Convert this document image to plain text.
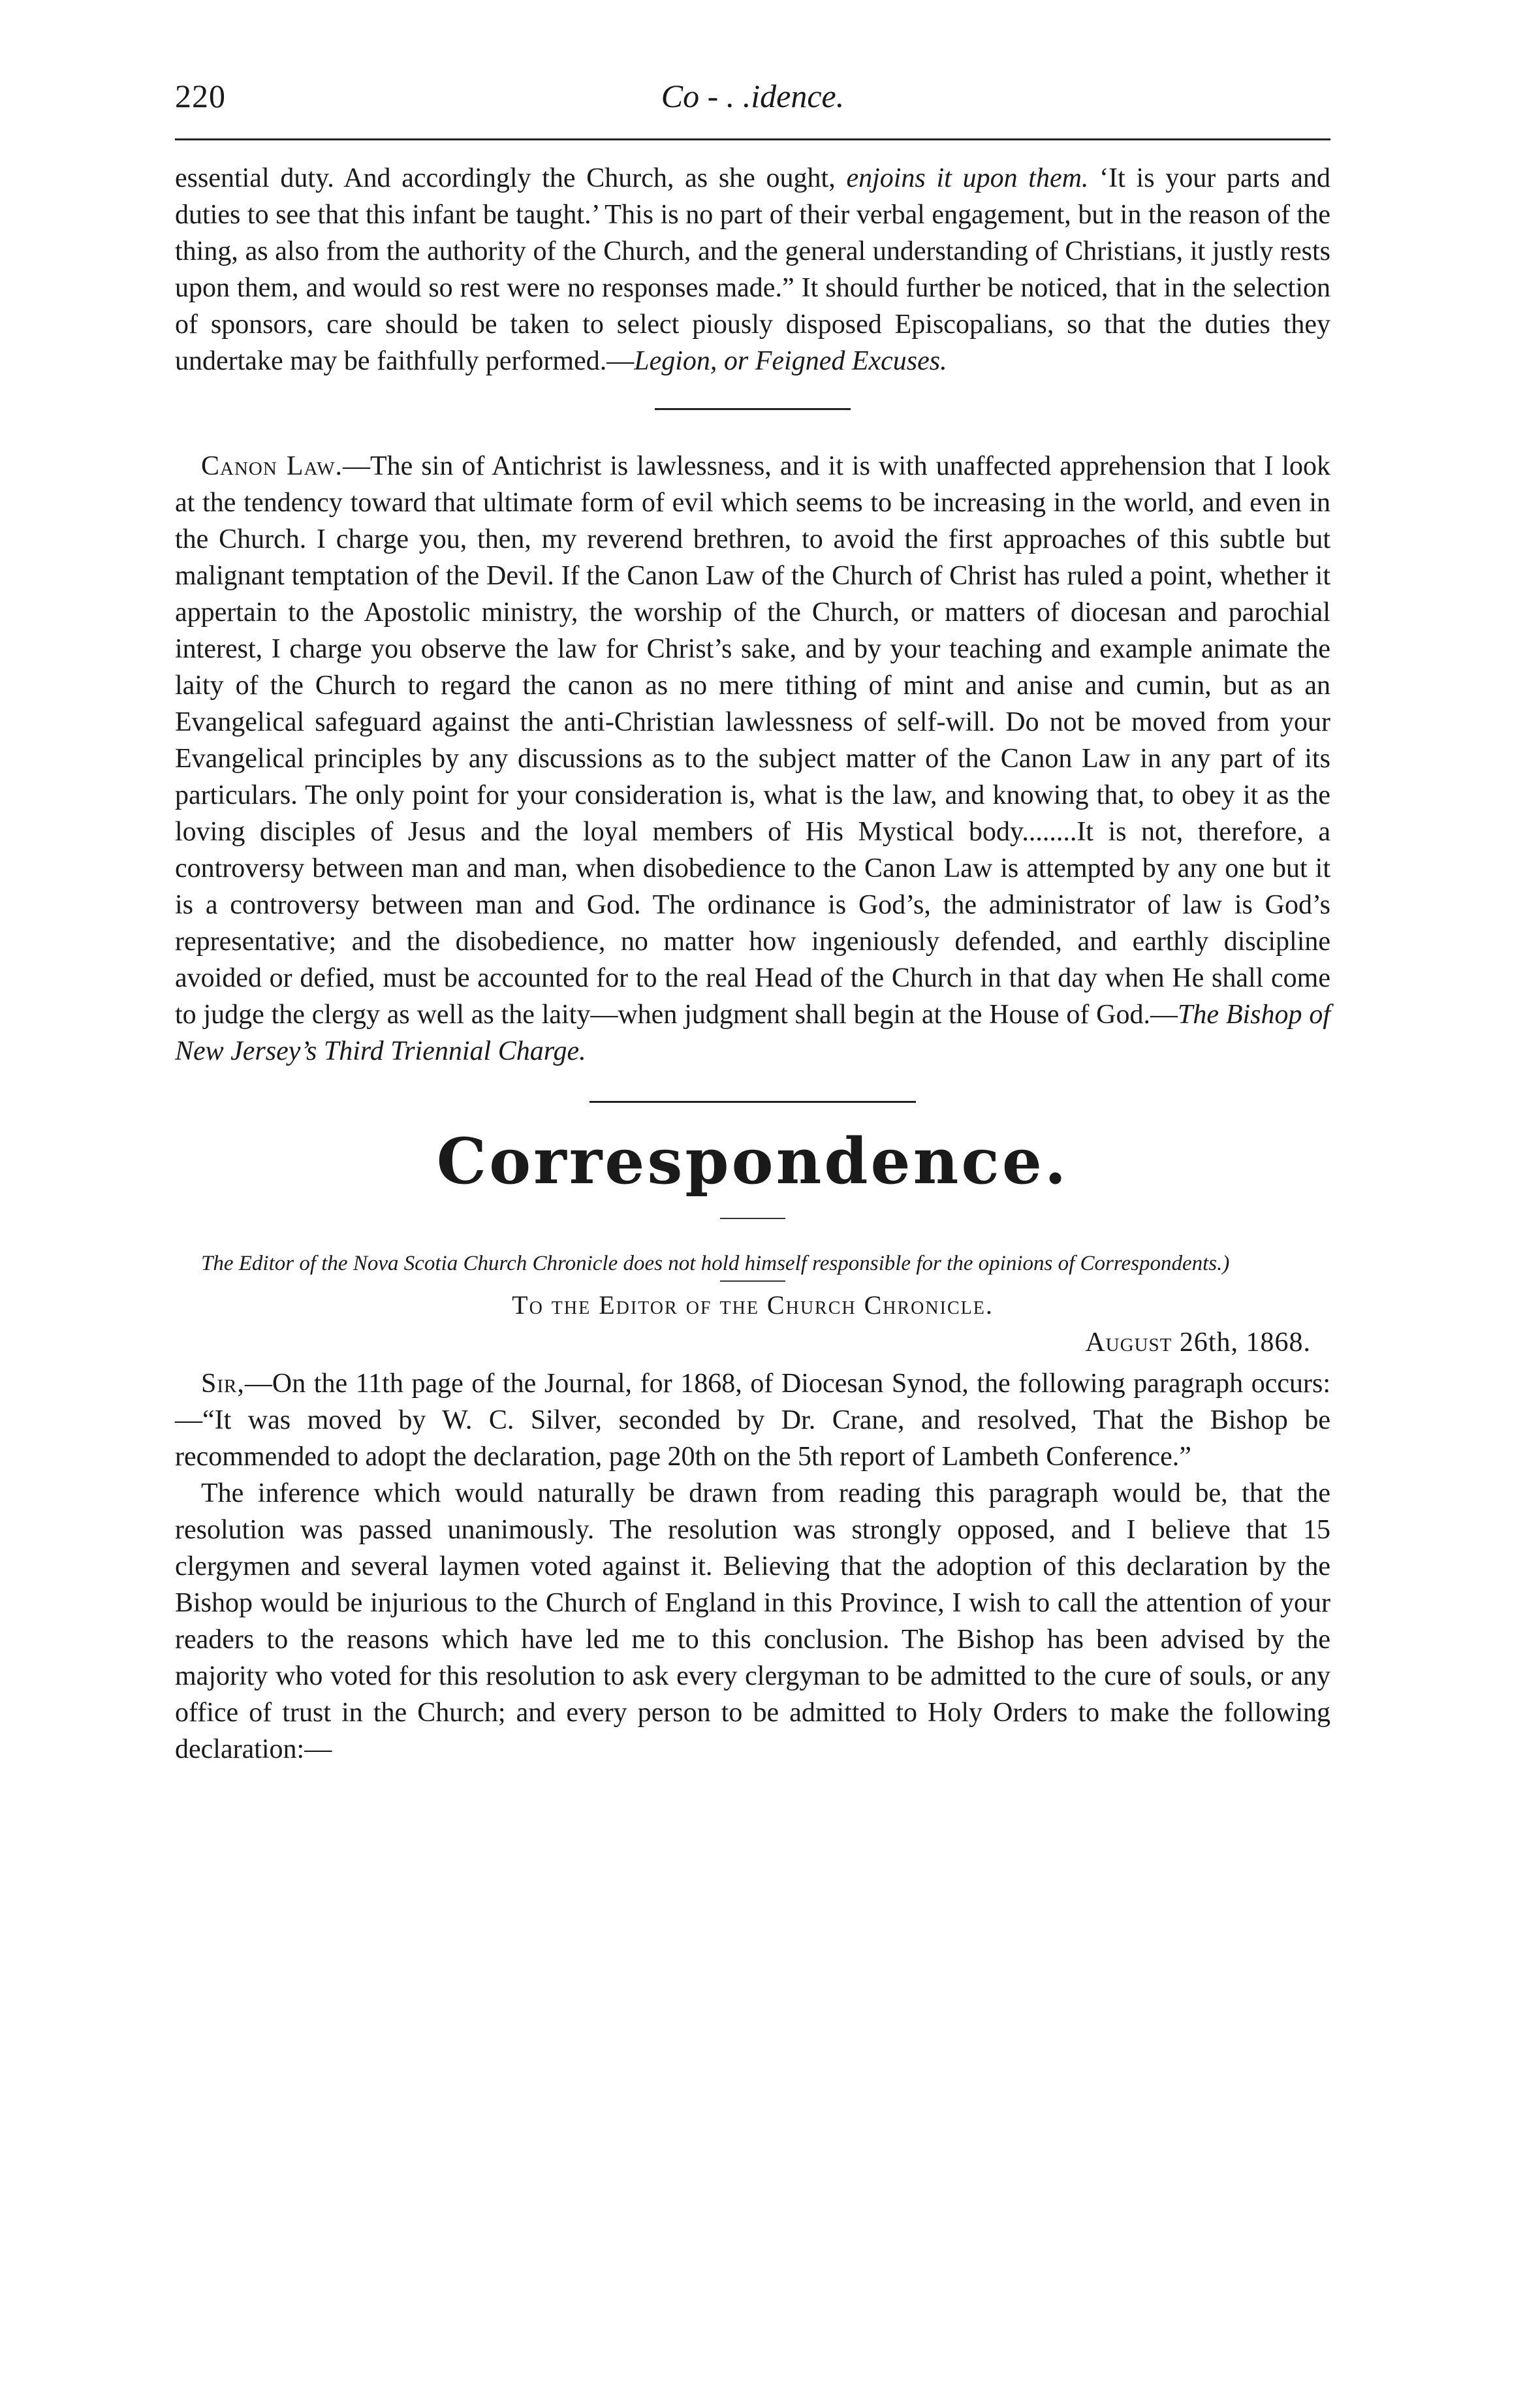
220	Co - . .idence.

essential duty. And accordingly the Church, as she ought, enjoins it upon them. ‘It is your parts and duties to see that this infant be taught.’ This is no part of their verbal engagement, but in the reason of the thing, as also from the authority of the Church, and the general understanding of Christians, it justly rests upon them, and would so rest were no responses made.” It should further be noticed, that in the selection of sponsors, care should be taken to select piously disposed Episcopalians, so that the duties they undertake may be faithfully performed.—Legion, or Feigned Excuses.

Canon Law.—The sin of Antichrist is lawlessness, and it is with unaffected apprehension that I look at the tendency toward that ultimate form of evil which seems to be increasing in the world, and even in the Church. I charge you, then, my reverend brethren, to avoid the first approaches of this subtle but malignant temptation of the Devil. If the Canon Law of the Church of Christ has ruled a point, whether it appertain to the Apostolic ministry, the worship of the Church, or matters of diocesan and parochial interest, I charge you observe the law for Christ’s sake, and by your teaching and example animate the laity of the Church to regard the canon as no mere tithing of mint and anise and cumin, but as an Evangelical safeguard against the anti-Christian lawlessness of self-will. Do not be moved from your Evangelical principles by any discussions as to the subject matter of the Canon Law in any part of its particulars. The only point for your consideration is, what is the law, and knowing that, to obey it as the loving disciples of Jesus and the loyal members of His Mystical body........It is not, therefore, a controversy between man and man, when disobedience to the Canon Law is attempted by any one but it is a controversy between man and God. The ordinance is God’s, the administrator of law is God’s representative; and the disobedience, no matter how ingeniously defended, and earthly discipline avoided or defied, must be accounted for to the real Head of the Church in that day when He shall come to judge the clergy as well as the laity—when judgment shall begin at the House of God.—The Bishop of New Jersey’s Third Triennial Charge.

Correspondence.

The Editor of the Nova Scotia Church Chronicle does not hold himself responsible for the opinions of Correspondents.)

To the Editor of the Church Chronicle.
August 26th, 1868.

Sir,—On the 11th page of the Journal, for 1868, of Diocesan Synod, the following paragraph occurs:—“It was moved by W. C. Silver, seconded by Dr. Crane, and resolved, That the Bishop be recommended to adopt the declaration, page 20th on the 5th report of Lambeth Conference.”

The inference which would naturally be drawn from reading this paragraph would be, that the resolution was passed unanimously. The resolution was strongly opposed, and I believe that 15 clergymen and several laymen voted against it. Believing that the adoption of this declaration by the Bishop would be injurious to the Church of England in this Province, I wish to call the attention of your readers to the reasons which have led me to this conclusion. The Bishop has been advised by the majority who voted for this resolution to ask every clergyman to be admitted to the cure of souls, or any office of trust in the Church; and every person to be admitted to Holy Orders to make the following declaration:—
